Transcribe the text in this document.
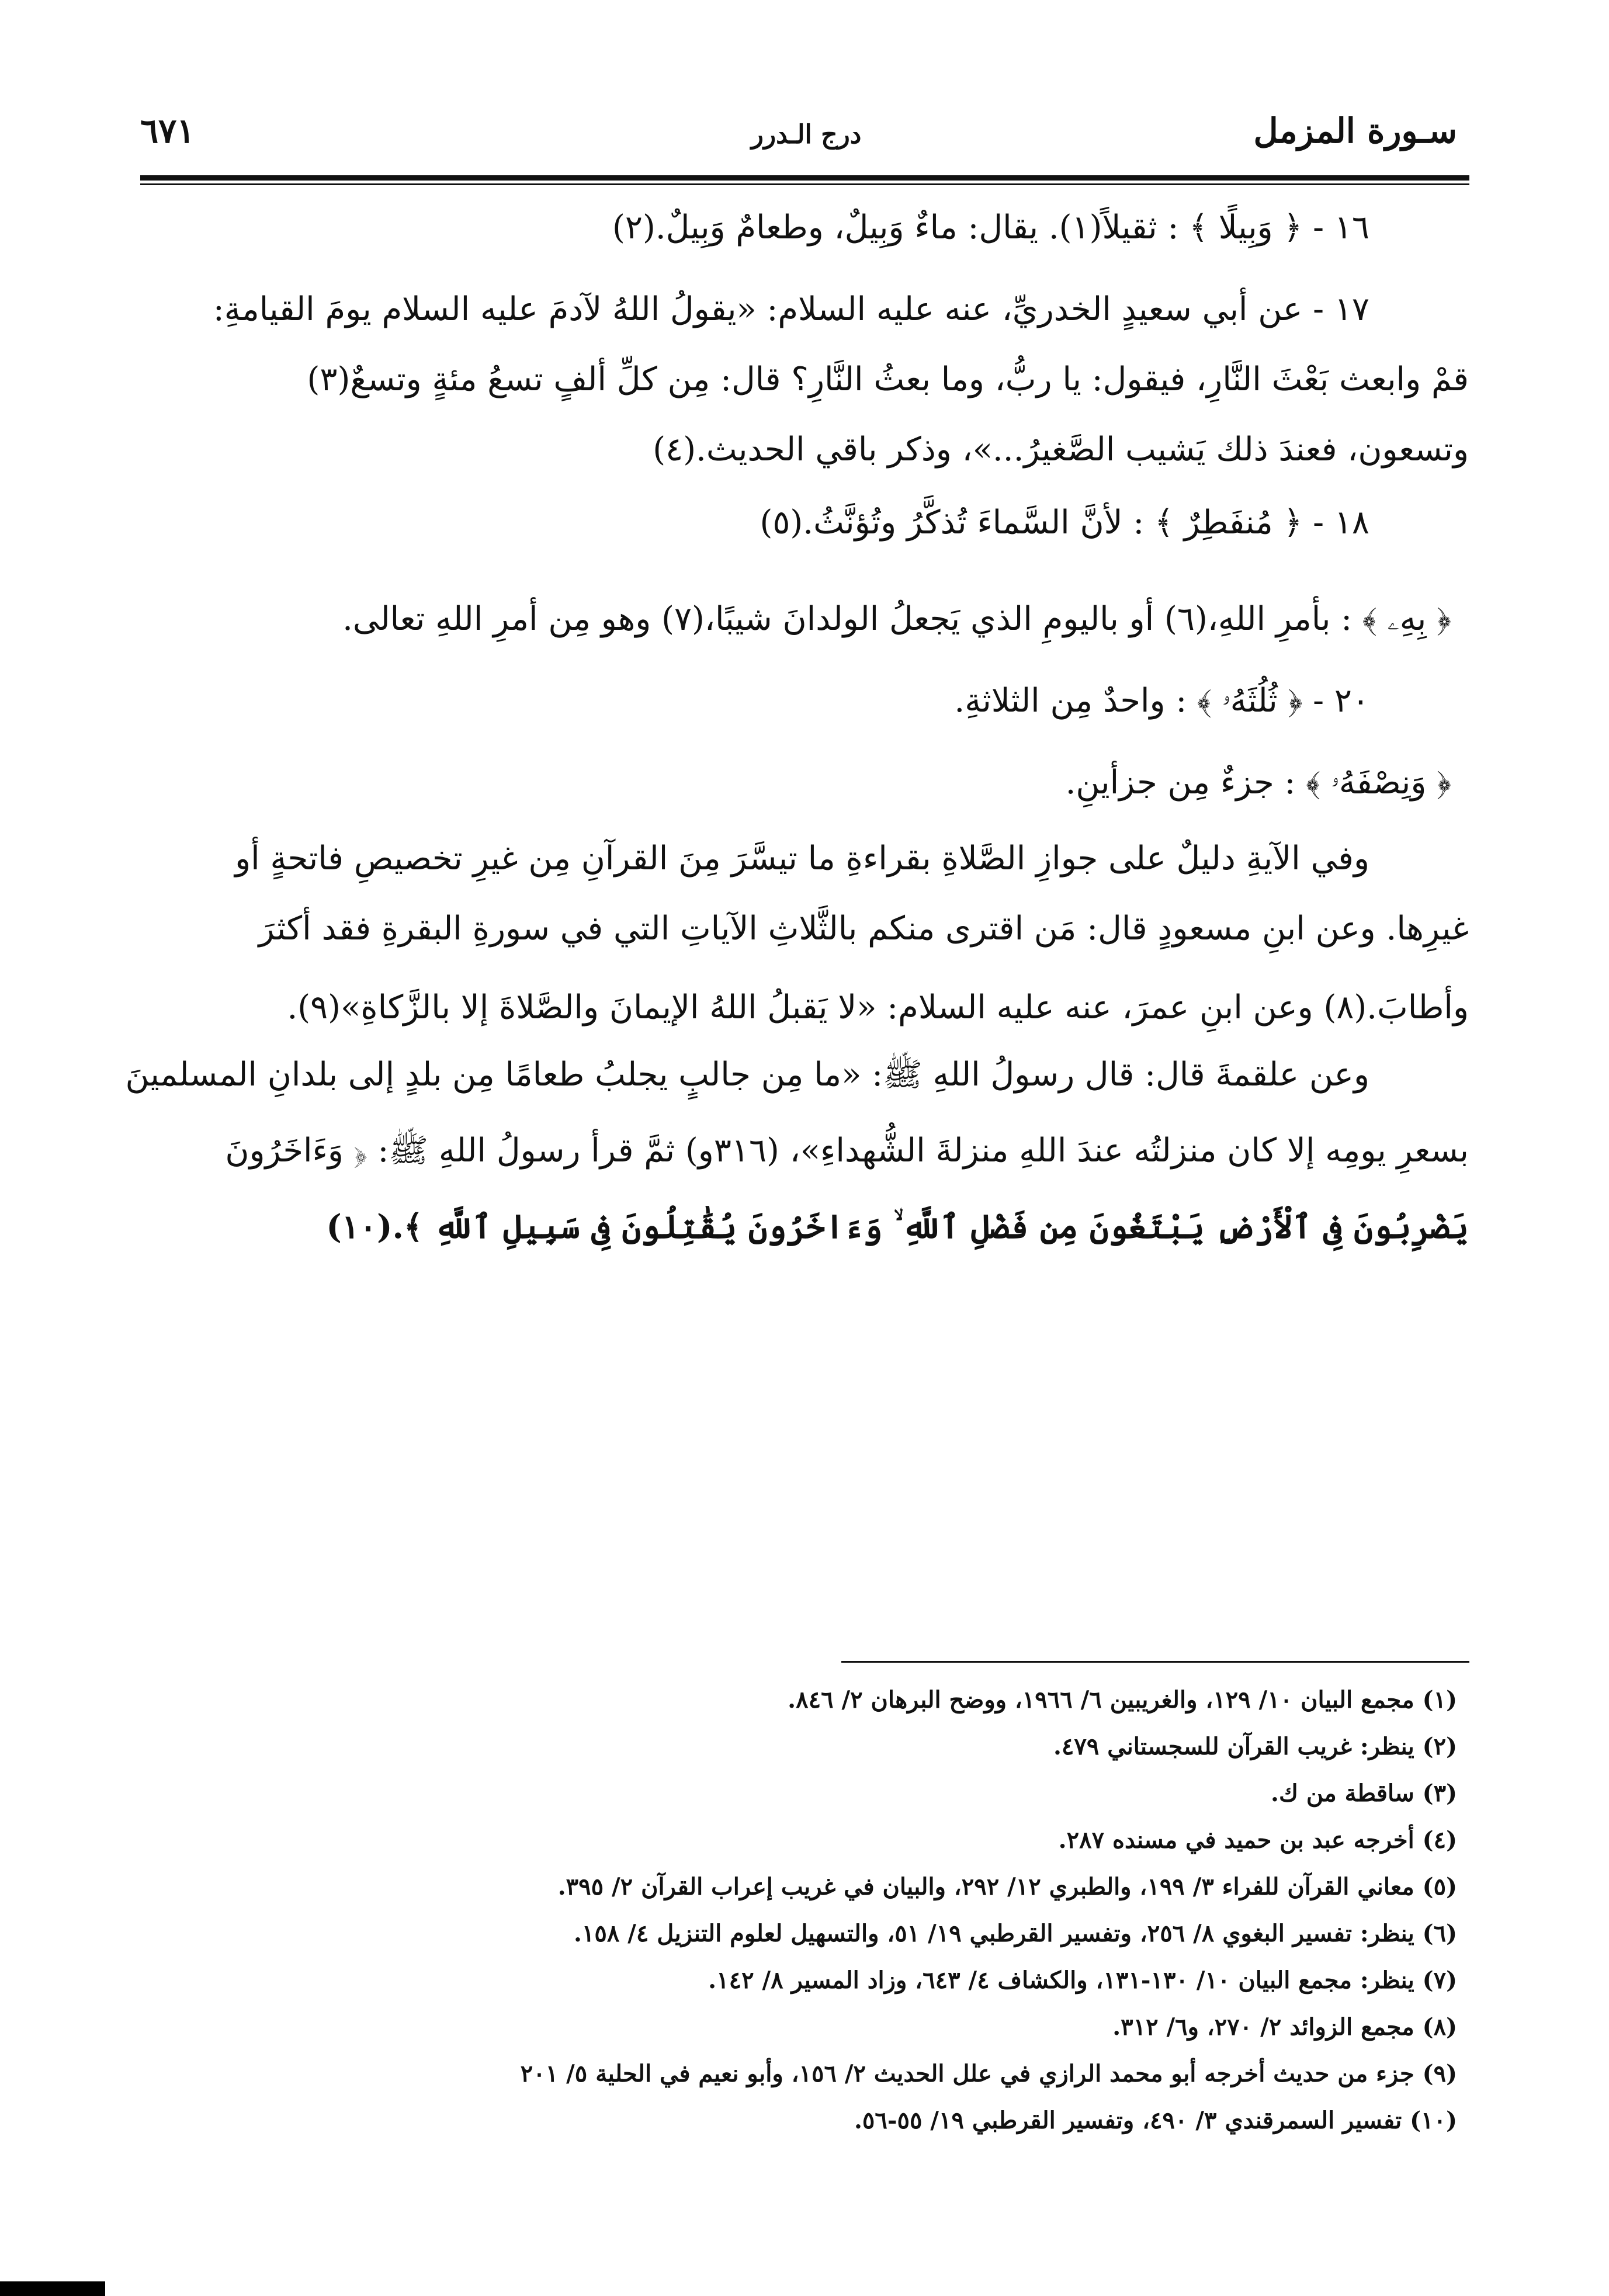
سـورة المزمل
درج الـدرر
٦٧١
١٦ - ﴿ وَبِيلًا ﴾ : ثقيلاً(١). يقال: ماءٌ وَبِيلٌ، وطعامٌ وَبِيلٌ.(٢)
١٧ - عن أبي سعيدٍ الخدريِّ، عنه عليه السلام: «يقولُ اللهُ لآدمَ عليه السلام يومَ القيامةِ:
قمْ وابعث بَعْثَ النَّارِ، فيقول: يا ربُّ، وما بعثُ النَّارِ؟ قال: مِن كلِّ ألفٍ تسعُ مئةٍ وتسعٌ(٣)
وتسعون، فعندَ ذلك يَشيب الصَّغيرُ...»، وذكر باقي الحديث.(٤)
١٨ - ﴿ مُنفَطِرٌ ﴾ : لأنَّ السَّماءَ تُذكَّرُ وتُؤنَّثُ.(٥)
﴿ بِهِۦ ﴾ : بأمرِ اللهِ،(٦) أو باليومِ الذي يَجعلُ الولدانَ شيبًا،(٧) وهو مِن أمرِ اللهِ تعالى.
٢٠ - ﴿ ثُلُثَهُۥ ﴾ : واحدٌ مِن الثلاثةِ.
﴿ وَنِصْفَهُۥ ﴾ : جزءٌ مِن جزأينِ.
وفي الآيةِ دليلٌ على جوازِ الصَّلاةِ بقراءةِ ما تيسَّرَ مِنَ القرآنِ مِن غيرِ تخصيصِ فاتحةٍ أو
غيرِها. وعن ابنِ مسعودٍ قال: مَن اقترى منكم بالثَّلاثِ الآياتِ التي في سورةِ البقرةِ فقد أكثرَ
وأطابَ.(٨) وعن ابنِ عمرَ، عنه عليه السلام: «لا يَقبلُ اللهُ الإيمانَ والصَّلاةَ إلا بالزَّكاةِ»(٩).
وعن علقمةَ قال: قال رسولُ اللهِ ﷺ: «ما مِن جالبٍ يجلبُ طعامًا مِن بلدٍ إلى بلدانِ المسلمينَ
بسعرِ يومِه إلا كان منزلتُه عندَ اللهِ منزلةَ الشُّهداءِ»، (٣١٦و) ثمَّ قرأ رسولُ اللهِ ﷺ: ﴿ وَءَاخَرُونَ
يَضْرِبُونَ فِى ٱلْأَرْضِ يَبْتَغُونَ مِن فَضْلِ ٱللَّهِ ۙ وَءَاخَرُونَ يُقَٰتِلُونَ فِى سَبِيلِ ٱللَّهِ ﴾.(١٠)
(١) مجمع البيان ١٠/ ١٢٩، والغريبين ٦/ ١٩٦٦، ووضح البرهان ٢/ ٨٤٦.
(٢) ينظر: غريب القرآن للسجستاني ٤٧٩.
(٣) ساقطة من ك.
(٤) أخرجه عبد بن حميد في مسنده ٢٨٧.
(٥) معاني القرآن للفراء ٣/ ١٩٩، والطبري ١٢/ ٢٩٢، والبيان في غريب إعراب القرآن ٢/ ٣٩٥.
(٦) ينظر: تفسير البغوي ٨/ ٢٥٦، وتفسير القرطبي ١٩/ ٥١، والتسهيل لعلوم التنزيل ٤/ ١٥٨.
(٧) ينظر: مجمع البيان ١٠/ ١٣٠-١٣١، والكشاف ٤/ ٦٤٣، وزاد المسير ٨/ ١٤٢.
(٨) مجمع الزوائد ٢/ ٢٧٠، و٦/ ٣١٢.
(٩) جزء من حديث أخرجه أبو محمد الرازي في علل الحديث ٢/ ١٥٦، وأبو نعيم في الحلية ٥/ ٢٠١
(١٠) تفسير السمرقندي ٣/ ٤٩٠، وتفسير القرطبي ١٩/ ٥٥-٥٦.
